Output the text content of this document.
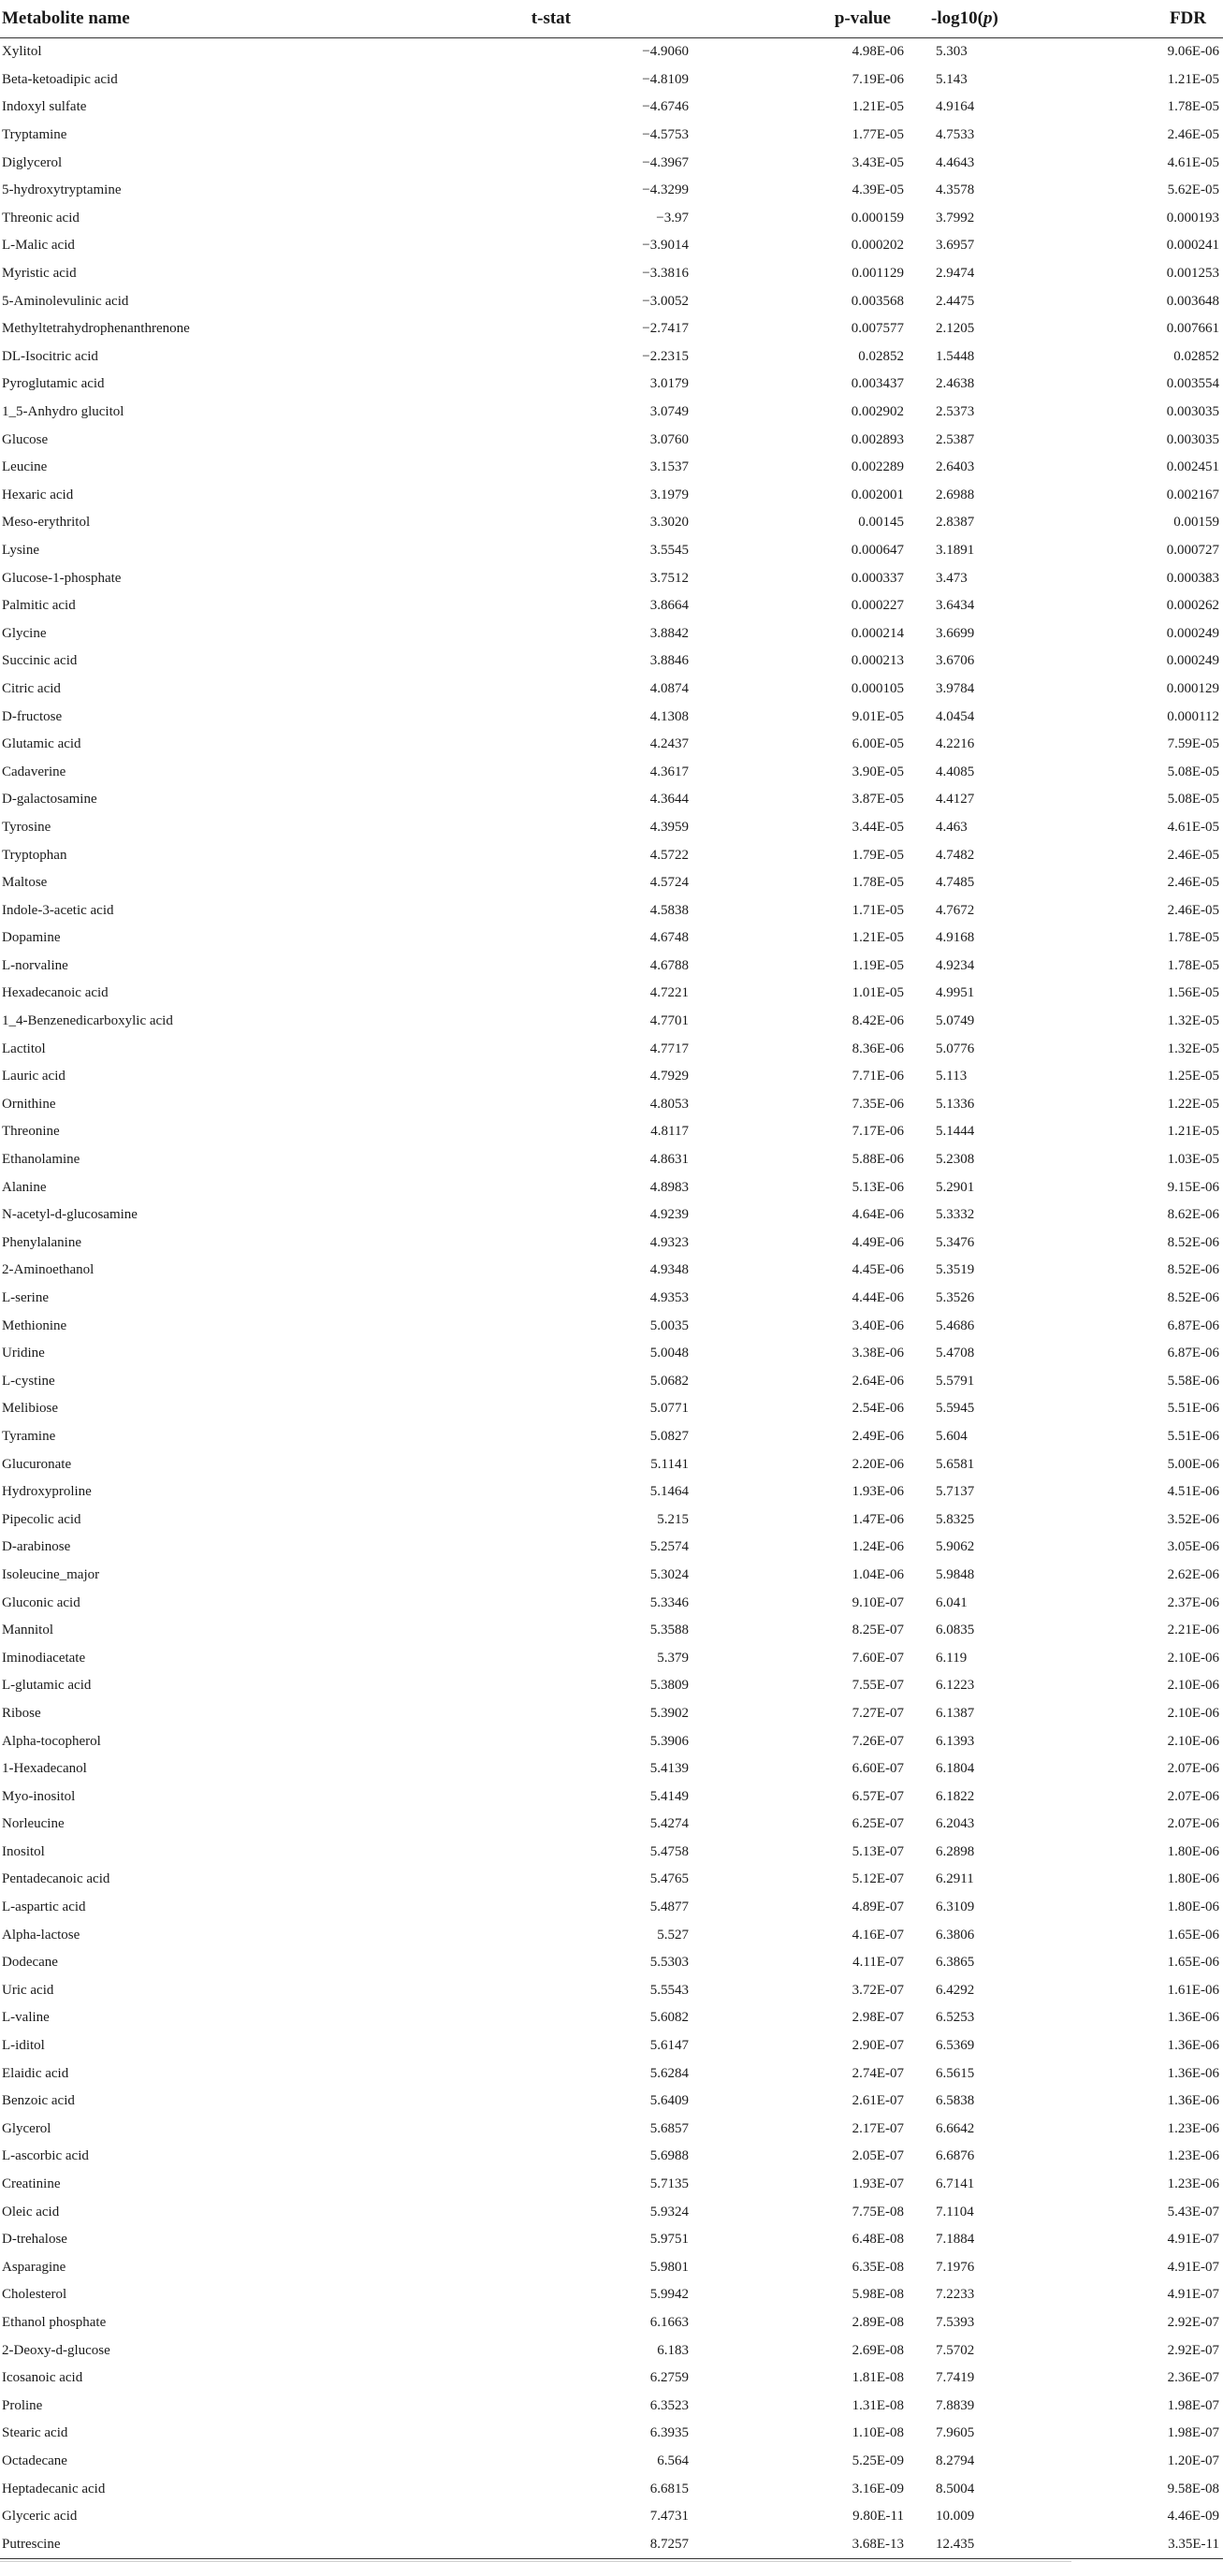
Metabolite name	t-stat	p-value	-log10(p)	FDR
Xylitol	−4.9060	4.98E-06	5.303	9.06E-06
Beta-ketoadipic acid	−4.8109	7.19E-06	5.143	1.21E-05
Indoxyl sulfate	−4.6746	1.21E-05	4.9164	1.78E-05
Tryptamine	−4.5753	1.77E-05	4.7533	2.46E-05
Diglycerol	−4.3967	3.43E-05	4.4643	4.61E-05
5-hydroxytryptamine	−4.3299	4.39E-05	4.3578	5.62E-05
Threonic acid	−3.97	0.000159	3.7992	0.000193
L-Malic acid	−3.9014	0.000202	3.6957	0.000241
Myristic acid	−3.3816	0.001129	2.9474	0.001253
5-Aminolevulinic acid	−3.0052	0.003568	2.4475	0.003648
Methyltetrahydrophenanthrenone	−2.7417	0.007577	2.1205	0.007661
DL-Isocitric acid	−2.2315	0.02852	1.5448	0.02852
Pyroglutamic acid	3.0179	0.003437	2.4638	0.003554
1_5-Anhydro glucitol	3.0749	0.002902	2.5373	0.003035
Glucose	3.0760	0.002893	2.5387	0.003035
Leucine	3.1537	0.002289	2.6403	0.002451
Hexaric acid	3.1979	0.002001	2.6988	0.002167
Meso-erythritol	3.3020	0.00145	2.8387	0.00159
Lysine	3.5545	0.000647	3.1891	0.000727
Glucose-1-phosphate	3.7512	0.000337	3.473	0.000383
Palmitic acid	3.8664	0.000227	3.6434	0.000262
Glycine	3.8842	0.000214	3.6699	0.000249
Succinic acid	3.8846	0.000213	3.6706	0.000249
Citric acid	4.0874	0.000105	3.9784	0.000129
D-fructose	4.1308	9.01E-05	4.0454	0.000112
Glutamic acid	4.2437	6.00E-05	4.2216	7.59E-05
Cadaverine	4.3617	3.90E-05	4.4085	5.08E-05
D-galactosamine	4.3644	3.87E-05	4.4127	5.08E-05
Tyrosine	4.3959	3.44E-05	4.463	4.61E-05
Tryptophan	4.5722	1.79E-05	4.7482	2.46E-05
Maltose	4.5724	1.78E-05	4.7485	2.46E-05
Indole-3-acetic acid	4.5838	1.71E-05	4.7672	2.46E-05
Dopamine	4.6748	1.21E-05	4.9168	1.78E-05
L-norvaline	4.6788	1.19E-05	4.9234	1.78E-05
Hexadecanoic acid	4.7221	1.01E-05	4.9951	1.56E-05
1_4-Benzenedicarboxylic acid	4.7701	8.42E-06	5.0749	1.32E-05
Lactitol	4.7717	8.36E-06	5.0776	1.32E-05
Lauric acid	4.7929	7.71E-06	5.113	1.25E-05
Ornithine	4.8053	7.35E-06	5.1336	1.22E-05
Threonine	4.8117	7.17E-06	5.1444	1.21E-05
Ethanolamine	4.8631	5.88E-06	5.2308	1.03E-05
Alanine	4.8983	5.13E-06	5.2901	9.15E-06
N-acetyl-d-glucosamine	4.9239	4.64E-06	5.3332	8.62E-06
Phenylalanine	4.9323	4.49E-06	5.3476	8.52E-06
2-Aminoethanol	4.9348	4.45E-06	5.3519	8.52E-06
L-serine	4.9353	4.44E-06	5.3526	8.52E-06
Methionine	5.0035	3.40E-06	5.4686	6.87E-06
Uridine	5.0048	3.38E-06	5.4708	6.87E-06
L-cystine	5.0682	2.64E-06	5.5791	5.58E-06
Melibiose	5.0771	2.54E-06	5.5945	5.51E-06
Tyramine	5.0827	2.49E-06	5.604	5.51E-06
Glucuronate	5.1141	2.20E-06	5.6581	5.00E-06
Hydroxyproline	5.1464	1.93E-06	5.7137	4.51E-06
Pipecolic acid	5.215	1.47E-06	5.8325	3.52E-06
D-arabinose	5.2574	1.24E-06	5.9062	3.05E-06
Isoleucine_major	5.3024	1.04E-06	5.9848	2.62E-06
Gluconic acid	5.3346	9.10E-07	6.041	2.37E-06
Mannitol	5.3588	8.25E-07	6.0835	2.21E-06
Iminodiacetate	5.379	7.60E-07	6.119	2.10E-06
L-glutamic acid	5.3809	7.55E-07	6.1223	2.10E-06
Ribose	5.3902	7.27E-07	6.1387	2.10E-06
Alpha-tocopherol	5.3906	7.26E-07	6.1393	2.10E-06
1-Hexadecanol	5.4139	6.60E-07	6.1804	2.07E-06
Myo-inositol	5.4149	6.57E-07	6.1822	2.07E-06
Norleucine	5.4274	6.25E-07	6.2043	2.07E-06
Inositol	5.4758	5.13E-07	6.2898	1.80E-06
Pentadecanoic acid	5.4765	5.12E-07	6.2911	1.80E-06
L-aspartic acid	5.4877	4.89E-07	6.3109	1.80E-06
Alpha-lactose	5.527	4.16E-07	6.3806	1.65E-06
Dodecane	5.5303	4.11E-07	6.3865	1.65E-06
Uric acid	5.5543	3.72E-07	6.4292	1.61E-06
L-valine	5.6082	2.98E-07	6.5253	1.36E-06
L-iditol	5.6147	2.90E-07	6.5369	1.36E-06
Elaidic acid	5.6284	2.74E-07	6.5615	1.36E-06
Benzoic acid	5.6409	2.61E-07	6.5838	1.36E-06
Glycerol	5.6857	2.17E-07	6.6642	1.23E-06
L-ascorbic acid	5.6988	2.05E-07	6.6876	1.23E-06
Creatinine	5.7135	1.93E-07	6.7141	1.23E-06
Oleic acid	5.9324	7.75E-08	7.1104	5.43E-07
D-trehalose	5.9751	6.48E-08	7.1884	4.91E-07
Asparagine	5.9801	6.35E-08	7.1976	4.91E-07
Cholesterol	5.9942	5.98E-08	7.2233	4.91E-07
Ethanol phosphate	6.1663	2.89E-08	7.5393	2.92E-07
2-Deoxy-d-glucose	6.183	2.69E-08	7.5702	2.92E-07
Icosanoic acid	6.2759	1.81E-08	7.7419	2.36E-07
Proline	6.3523	1.31E-08	7.8839	1.98E-07
Stearic acid	6.3935	1.10E-08	7.9605	1.98E-07
Octadecane	6.564	5.25E-09	8.2794	1.20E-07
Heptadecanic acid	6.6815	3.16E-09	8.5004	9.58E-08
Glyceric acid	7.4731	9.80E-11	10.009	4.46E-09
Putrescine	8.7257	3.68E-13	12.435	3.35E-11
